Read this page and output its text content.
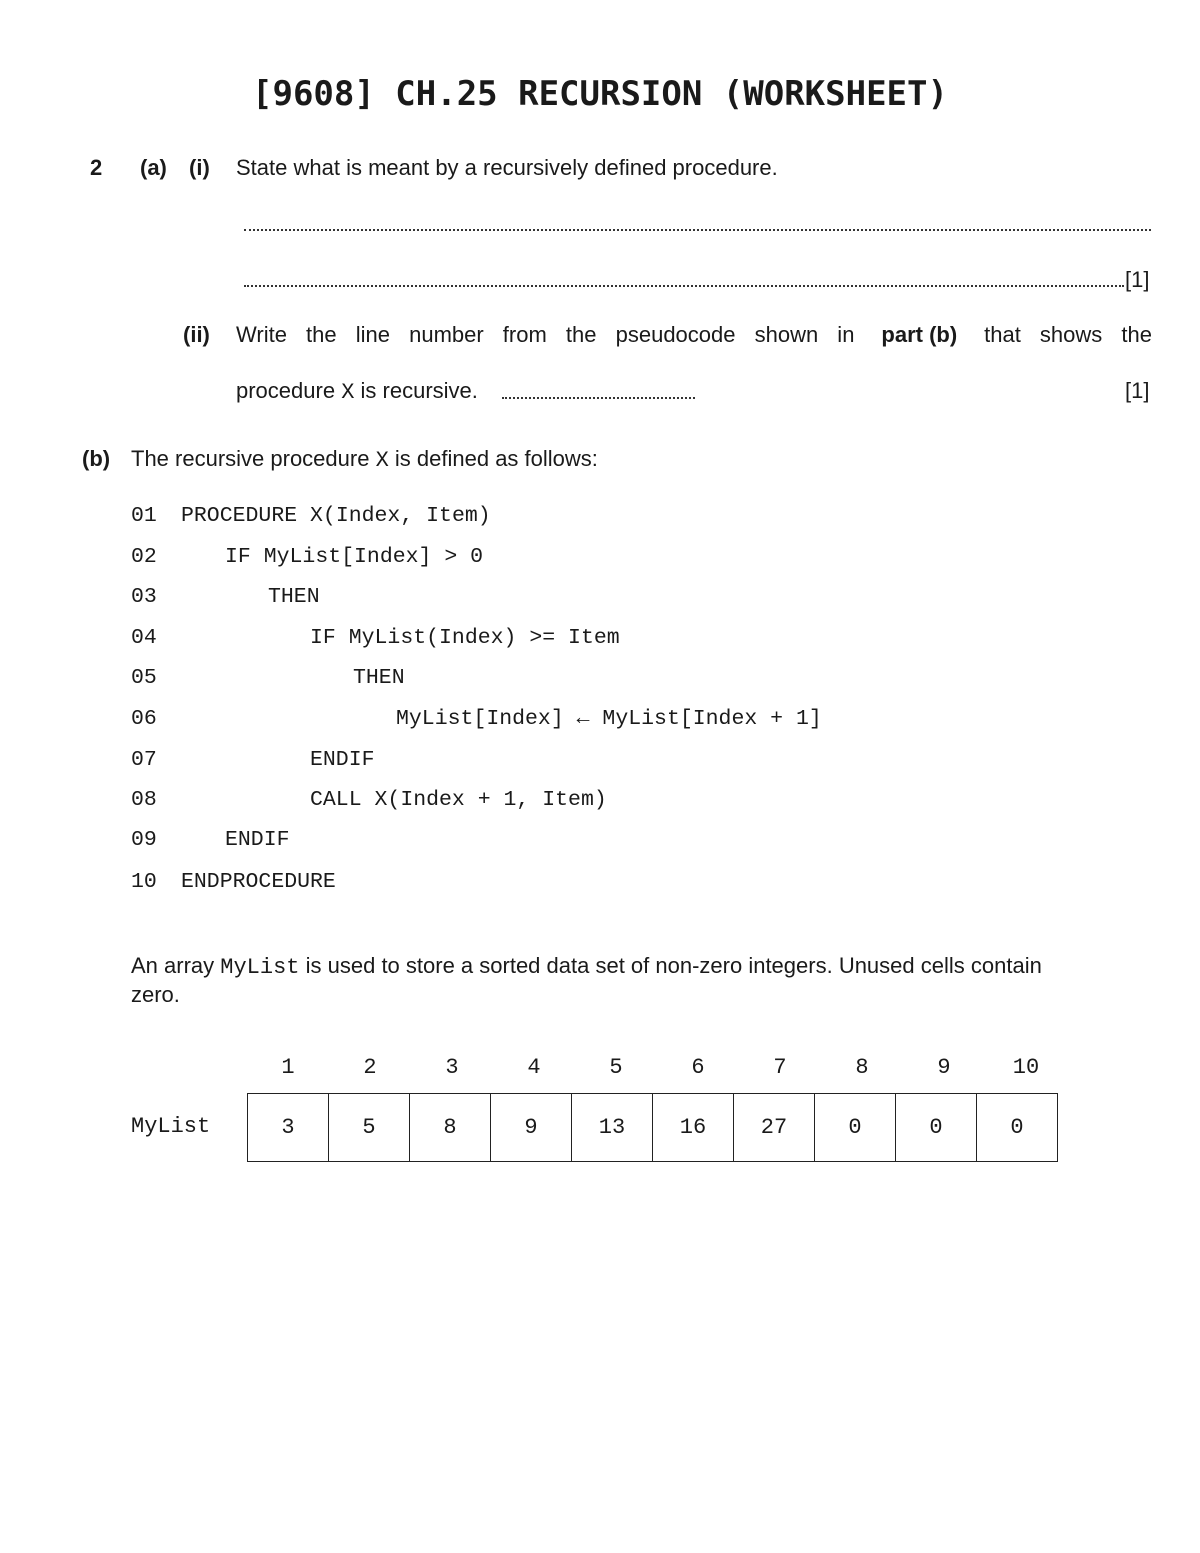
[9608] CH.25 RECURSION (WORKSHEET)
2 (a) (i) State what is meant by a recursively defined procedure.
[1]
(ii) Write the line number from the pseudocode shown in part (b) that shows the
procedure X is recursive.	[1]
(b) The recursive procedure X is defined as follows:
01 PROCEDURE X(Index, Item)
02	IF MyList[Index] > 0
03	THEN
04	IF MyList(Index) >= Item
05	THEN
06	MyList[Index] ← MyList[Index + 1]
07	ENDIF
08	CALL X(Index + 1, Item)
09	ENDIF
10 ENDPROCEDURE
An array MyList is used to store a sorted data set of non-zero integers. Unused cells contain
zero.
1	2	3	4	5	6	7	8	9	10
MyList	3	5	8	9	13	16	27	0	0	0
